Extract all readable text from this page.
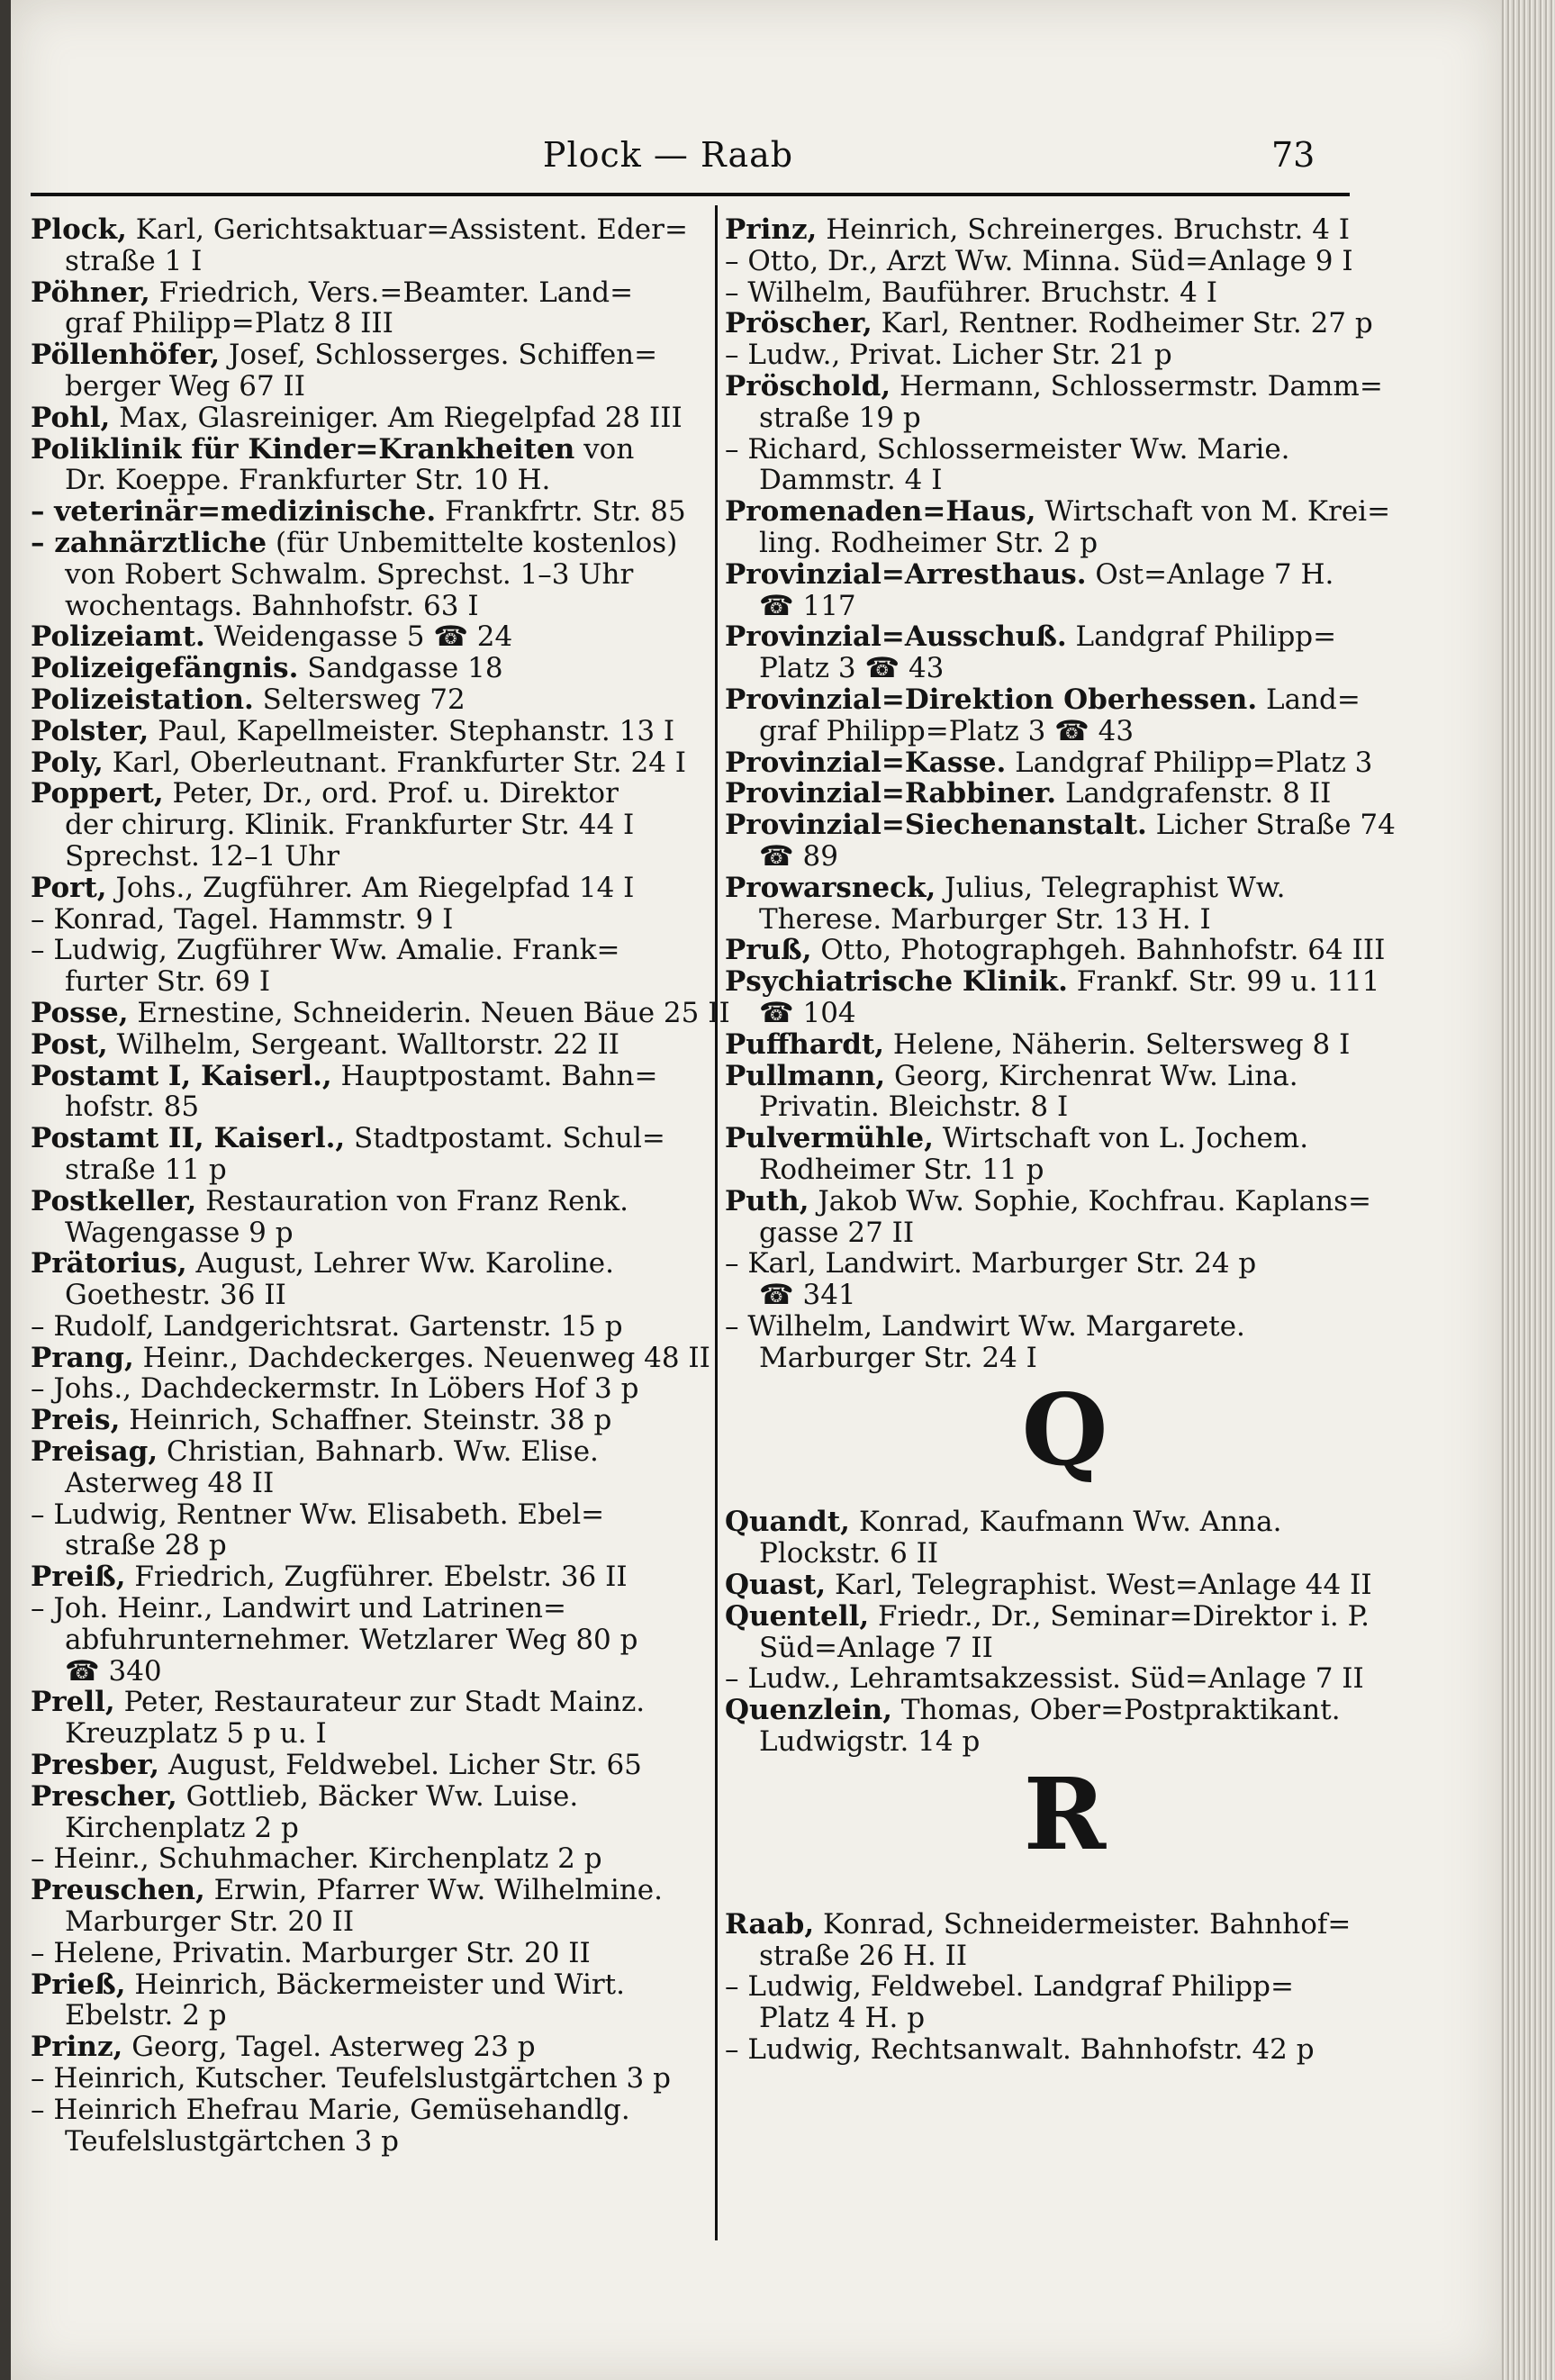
Plock — Raab	73
Plock, Karl, Gerichtsaktuar=Assistent. Eder=
straße 1 I
Pöhner, Friedrich, Vers.=Beamter. Land=
graf Philipp=Platz 8 III
Pöllenhöfer, Josef, Schlosserges. Schiffen=
berger Weg 67 II
Pohl, Max, Glasreiniger. Am Riegelpfad 28 III
Poliklinik für Kinder=Krankheiten von
Dr. Koeppe. Frankfurter Str. 10 H.
– veterinär=medizinische. Frankfrtr. Str. 85
– zahnärztliche (für Unbemittelte kostenlos)
von Robert Schwalm. Sprechst. 1–3 Uhr
wochentags. Bahnhofstr. 63 I
Polizeiamt. Weidengasse 5 ☎ 24
Polizeigefängnis. Sandgasse 18
Polizeistation. Seltersweg 72
Polster, Paul, Kapellmeister. Stephanstr. 13 I
Poly, Karl, Oberleutnant. Frankfurter Str. 24 I
Poppert, Peter, Dr., ord. Prof. u. Direktor
der chirurg. Klinik. Frankfurter Str. 44 I
Sprechst. 12–1 Uhr
Port, Johs., Zugführer. Am Riegelpfad 14 I
– Konrad, Tagel. Hammstr. 9 I
– Ludwig, Zugführer Ww. Amalie. Frank=
furter Str. 69 I
Posse, Ernestine, Schneiderin. Neuen Bäue 25 II
Post, Wilhelm, Sergeant. Walltorstr. 22 II
Postamt I, Kaiserl., Hauptpostamt. Bahn=
hofstr. 85
Postamt II, Kaiserl., Stadtpostamt. Schul=
straße 11 p
Postkeller, Restauration von Franz Renk.
Wagengasse 9 p
Prätorius, August, Lehrer Ww. Karoline.
Goethestr. 36 II
– Rudolf, Landgerichtsrat. Gartenstr. 15 p
Prang, Heinr., Dachdeckerges. Neuenweg 48 II
– Johs., Dachdeckermstr. In Löbers Hof 3 p
Preis, Heinrich, Schaffner. Steinstr. 38 p
Preisag, Christian, Bahnarb. Ww. Elise.
Asterweg 48 II
– Ludwig, Rentner Ww. Elisabeth. Ebel=
straße 28 p
Preiß, Friedrich, Zugführer. Ebelstr. 36 II
– Joh. Heinr., Landwirt und Latrinen=
abfuhrunternehmer. Wetzlarer Weg 80 p
☎ 340
Prell, Peter, Restaurateur zur Stadt Mainz.
Kreuzplatz 5 p u. I
Presber, August, Feldwebel. Licher Str. 65
Prescher, Gottlieb, Bäcker Ww. Luise.
Kirchenplatz 2 p
– Heinr., Schuhmacher. Kirchenplatz 2 p
Preuschen, Erwin, Pfarrer Ww. Wilhelmine.
Marburger Str. 20 II
– Helene, Privatin. Marburger Str. 20 II
Prieß, Heinrich, Bäckermeister und Wirt.
Ebelstr. 2 p
Prinz, Georg, Tagel. Asterweg 23 p
– Heinrich, Kutscher. Teufelslustgärtchen 3 p
– Heinrich Ehefrau Marie, Gemüsehandlg.
Teufelslustgärtchen 3 p
Prinz, Heinrich, Schreinerges. Bruchstr. 4 I
– Otto, Dr., Arzt Ww. Minna. Süd=Anlage 9 I
– Wilhelm, Bauführer. Bruchstr. 4 I
Pröscher, Karl, Rentner. Rodheimer Str. 27 p
– Ludw., Privat. Licher Str. 21 p
Pröschold, Hermann, Schlossermstr. Damm=
straße 19 p
– Richard, Schlossermeister Ww. Marie.
Dammstr. 4 I
Promenaden=Haus, Wirtschaft von M. Krei=
ling. Rodheimer Str. 2 p
Provinzial=Arresthaus. Ost=Anlage 7 H.
☎ 117
Provinzial=Ausschuß. Landgraf Philipp=
Platz 3 ☎ 43
Provinzial=Direktion Oberhessen. Land=
graf Philipp=Platz 3 ☎ 43
Provinzial=Kasse. Landgraf Philipp=Platz 3
Provinzial=Rabbiner. Landgrafenstr. 8 II
Provinzial=Siechenanstalt. Licher Straße 74
☎ 89
Prowarsneck, Julius, Telegraphist Ww.
Therese. Marburger Str. 13 H. I
Pruß, Otto, Photographgeh. Bahnhofstr. 64 III
Psychiatrische Klinik. Frankf. Str. 99 u. 111
☎ 104
Puffhardt, Helene, Näherin. Seltersweg 8 I
Pullmann, Georg, Kirchenrat Ww. Lina.
Privatin. Bleichstr. 8 I
Pulvermühle, Wirtschaft von L. Jochem.
Rodheimer Str. 11 p
Puth, Jakob Ww. Sophie, Kochfrau. Kaplans=
gasse 27 II
– Karl, Landwirt. Marburger Str. 24 p
☎ 341
– Wilhelm, Landwirt Ww. Margarete.
Marburger Str. 24 I
Q
Quandt, Konrad, Kaufmann Ww. Anna.
Plockstr. 6 II
Quast, Karl, Telegraphist. West=Anlage 44 II
Quentell, Friedr., Dr., Seminar=Direktor i. P.
Süd=Anlage 7 II
– Ludw., Lehramtsakzessist. Süd=Anlage 7 II
Quenzlein, Thomas, Ober=Postpraktikant.
Ludwigstr. 14 p
R
Raab, Konrad, Schneidermeister. Bahnhof=
straße 26 H. II
– Ludwig, Feldwebel. Landgraf Philipp=
Platz 4 H. p
– Ludwig, Rechtsanwalt. Bahnhofstr. 42 p
